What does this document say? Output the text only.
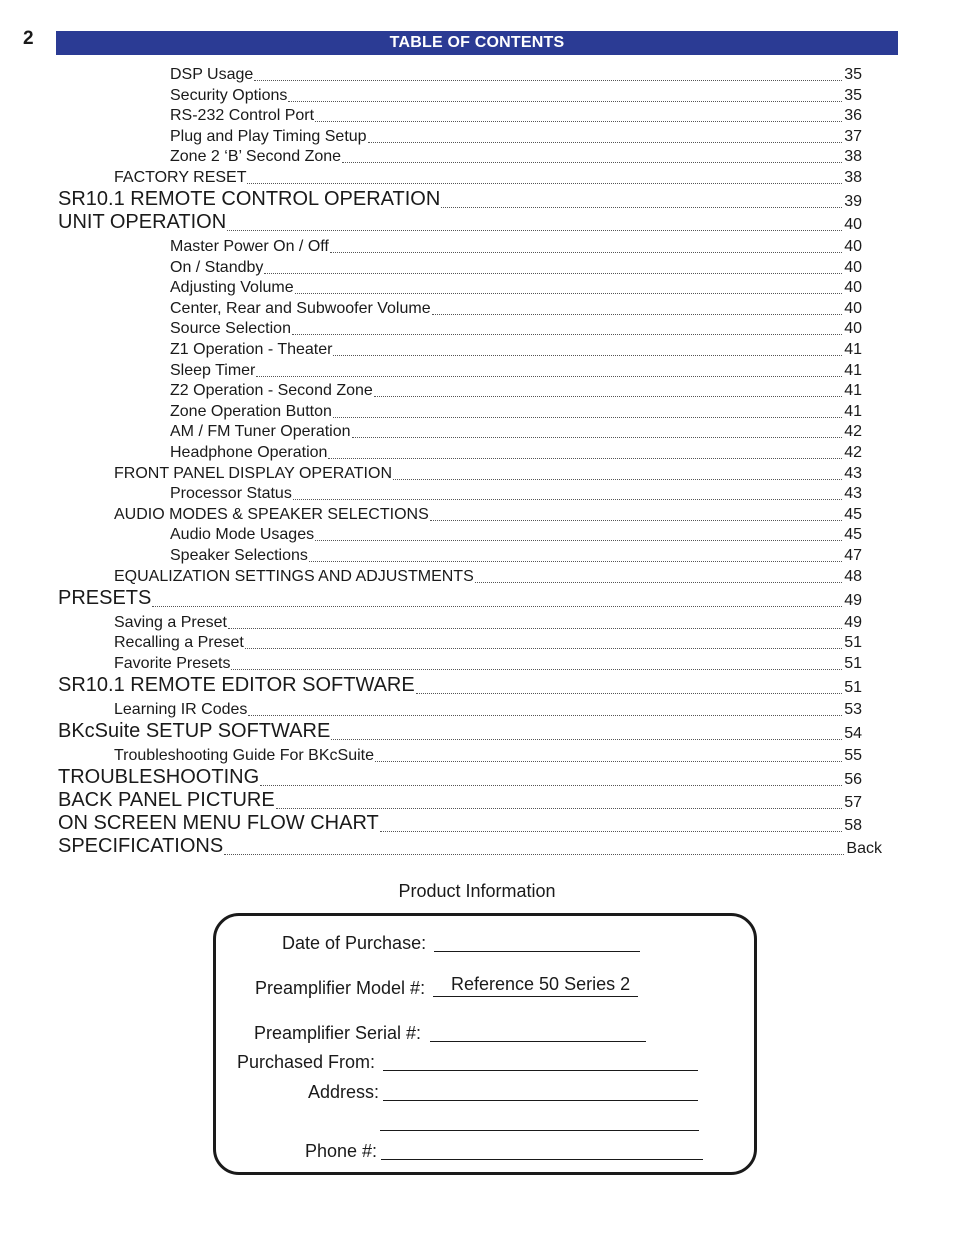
2	TABLE OF CONTENTS
DSP Usage	35
Security Options	35
RS-232 Control Port	36
Plug and Play Timing Setup	37
Zone 2 ‘B’ Second Zone	38
FACTORY RESET	38
SR10.1 REMOTE CONTROL OPERATION	39
UNIT OPERATION	40
Master Power On / Off	40
On / Standby	40
Adjusting Volume	40
Center, Rear and Subwoofer Volume	40
Source Selection	40
Z1 Operation - Theater	41
Sleep Timer	41
Z2 Operation - Second Zone	41
Zone Operation Button	41
AM / FM Tuner Operation	42
Headphone Operation	42
FRONT PANEL DISPLAY OPERATION	43
Processor Status	43
AUDIO MODES & SPEAKER SELECTIONS	45
Audio Mode Usages	45
Speaker Selections	47
EQUALIZATION SETTINGS AND ADJUSTMENTS	48
PRESETS	49
Saving a Preset	49
Recalling a Preset	51
Favorite Presets	51
SR10.1 REMOTE EDITOR SOFTWARE	51
Learning IR Codes	53
BKcSuite SETUP SOFTWARE	54
Troubleshooting Guide For BKcSuite	55
TROUBLESHOOTING	56
BACK PANEL PICTURE	57
ON SCREEN MENU FLOW CHART	58
SPECIFICATIONS	Back
Product Information
Date of Purchase:
Preamplifier Model #:	Reference 50 Series 2
Preamplifier Serial #:
Purchased From:
Address:
Phone #:
